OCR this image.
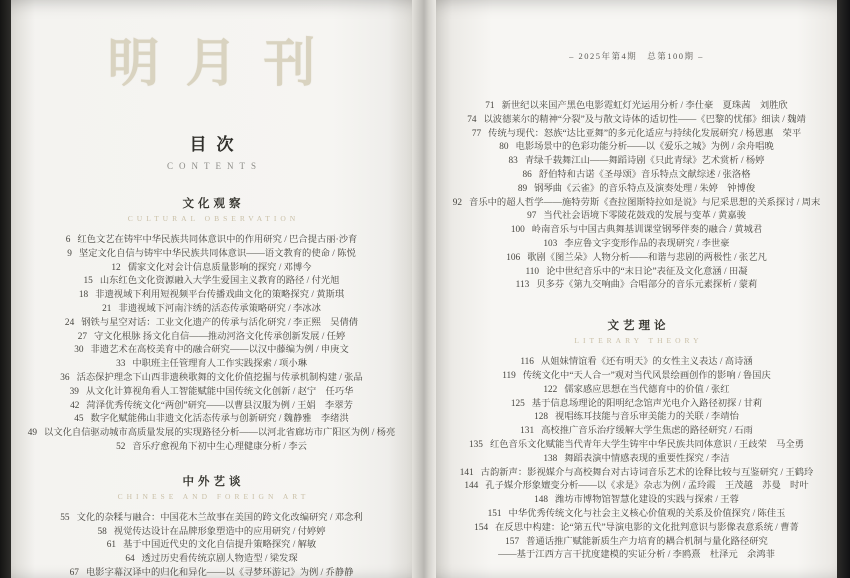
明月刊
目次
CONTENTS
文化观察
CULTURAL OBSERVATION
6 红色文艺在铸牢中华民族共同体意识中的作用研究 / 巴合提古丽·沙育
9 坚定文化自信与铸牢中华民族共同体意识——语文教育的使命 / 陈悦
12 儒家文化对会计信息质量影响的探究 / 邓博今
15 山东红色文化资源融入大学生爱国主义教育的路径 / 付光旭
18 非遗视域下利用短视频平台传播戏曲文化的策略探究 / 黄斯琪
21 非遗视域下河南汴绣的活态传承策略研究 / 李冰冰
24 钢铁与星空对话：工业文化遗产的传承与活化研究 / 李正熙　吴倩倩
27 守文化根脉 扬文化自信——推动河洛文化传承创新发展 / 任婷
30 非遗艺术在高校美育中的融合研究——以汉中藤编为例 / 申庚文
33 中职班主任管理育人工作实践探索 / 项小琳
36 活态保护理念下山西非遗秧歌舞的文化价值挖掘与传承机制构建 / 张品
39 从文化计算视角看人工智能赋能中国传统文化创新 / 赵宁　任巧华
42 菏泽优秀传统文化“两创”研究——以曹县汉服为例 / 王娟　李翠芳
45 数字化赋能佛山非遗文化活态传承与创新研究 / 魏静雅　李绪洪
49 以文化自信驱动城市高质量发展的实现路径分析——以河北省廊坊市广阳区为例 / 杨亮
52 音乐疗愈视角下初中生心理健康分析 / 李云
中外艺谈
CHINESE AND FOREIGN ART
55 文化的杂糅与融合：中国花木兰故事在美国的跨文化改编研究 / 邓念利
58 视觉传达设计在品牌形象塑造中的应用研究 / 付婷婷
61 基于中国近代史的文化自信提升策略探究 / 解敏
64 透过历史看传统京剧人物造型 / 梁发琛
67 电影字幕汉译中的归化和异化——以《寻梦环游记》为例 / 乔静静
– 2025年第4期　总第100期 –
71 新世纪以来国产黑色电影霓虹灯光运用分析 / 李仕豪　夏珠茜　刘胜欣
74 以波德莱尔的精神“分裂”及与散文诗体的适切性——《巴黎的忧郁》细读 / 魏靖
77 传统与现代：怒族“达比亚舞”的多元化适应与持续化发展研究 / 杨恩惠　荣平
80 电影场景中的色彩功能分析——以《爱乐之城》为例 / 余舟唱晚
83 青绿千载舞江山——舞蹈诗剧《只此青绿》艺术赏析 / 杨婷
86 舒伯特和古诺《圣母颂》音乐特点文献综述 / 张洛格
89 钢琴曲《云雀》的音乐特点及演奏处理 / 朱婷　钟博俊
92 音乐中的超人哲学——施特劳斯《查拉图斯特拉如是说》与尼采思想的关系探讨 / 周末
97 当代社会语境下零陵花鼓戏的发展与变革 / 黄嘉骏
100 岭南音乐与中国古典舞基训课堂钢琴伴奏的融合 / 黄城君
103 李应鲁文字变形作品的表现研究 / 李世豪
106 歌剧《图兰朵》人物分析——和谐与悲剧的两极性 / 张艺凡
110 论中世纪音乐中的“末日论”表征及文化意涵 / 田凝
113 贝多芬《第九交响曲》合唱部分的音乐元素探析 / 蒙莉
文艺理论
LITERARY THEORY
116 从姐妹情谊看《还有明天》的女性主义表达 / 高诗涵
119 传统文化中“天人合一”观对当代风景绘画创作的影响 / 鲁国庆
122 儒家感应思想在当代德育中的价值 / 张红
125 基于信息场理论的阳明纪念馆声光电介入路径初探 / 甘莉
128 视唱练耳技能与音乐审美能力的关联 / 李靖怡
131 高校推广音乐治疗缓解大学生焦虑的路径研究 / 石雨
135 红色音乐文化赋能当代青年大学生铸牢中华民族共同体意识 / 王歧荣　马全勇
138 舞蹈表演中情感表现的重要性探究 / 李洁
141 古韵新声：影视媒介与高校舞台对古诗词音乐艺术的诠释比较与互鉴研究 / 王鹤玲
144 孔子媒介形象嬗变分析——以《求是》杂志为例 / 孟玲霞　王茂越　苏曼　时叶
148 潍坊市博物馆智慧化建设的实践与探索 / 王蓉
151 中华优秀传统文化与社会主义核心价值观的关系及价值探究 / 陈佳玉
154 在反思中构建：论“第五代”导演电影的文化批判意识与影像表意系统 / 曹菁
157 普通话推广赋能新质生产力培育的耦合机制与量化路径研究
——基于江西方言干扰度建模的实证分析 / 李鸥熹　杜泽元　余鸿菲
